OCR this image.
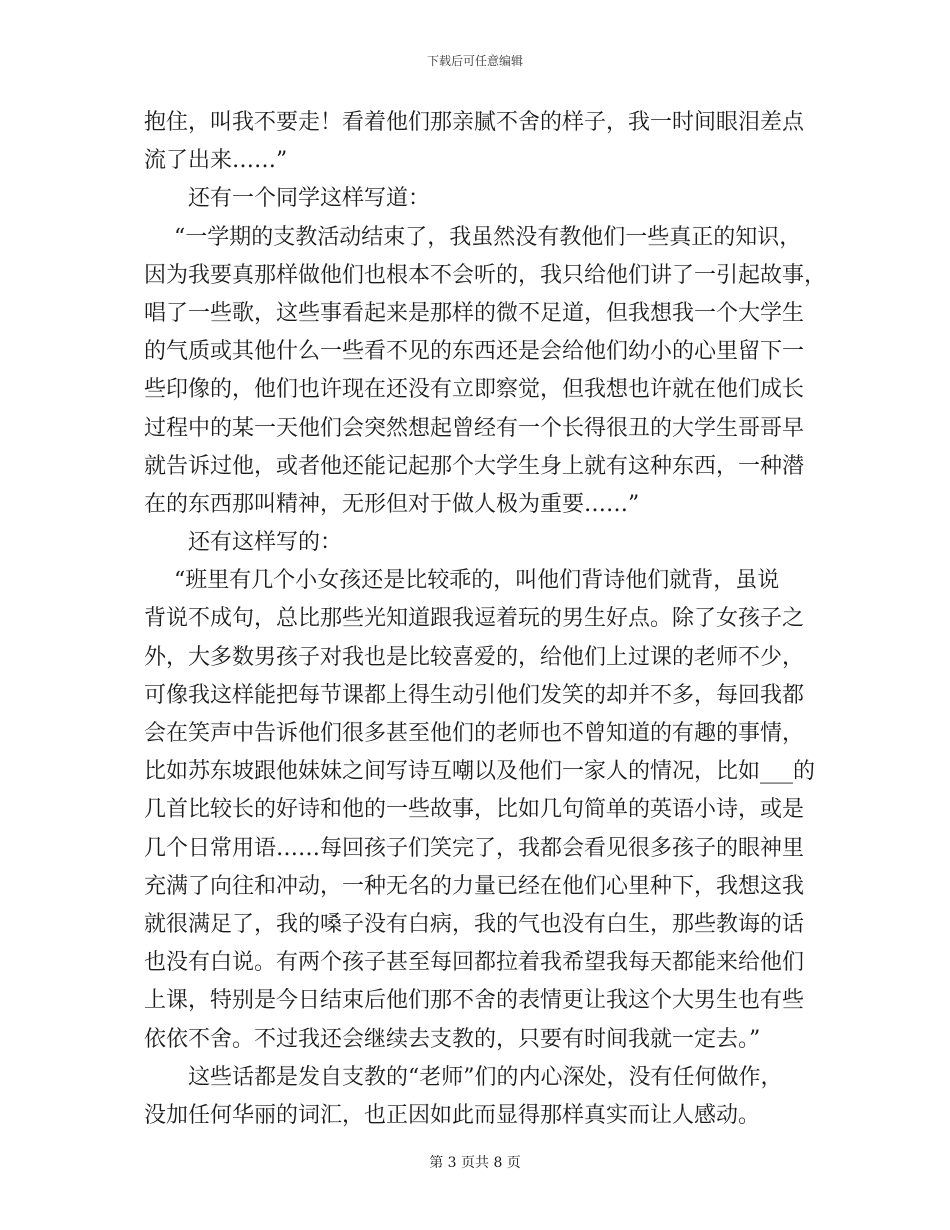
下载后可任意编辑
抱住，叫我不要走！看着他们那亲腻不舍的样子，我一时间眼泪差点
流了出来……”
还有一个同学这样写道：
“一学期的支教活动结束了，我虽然没有教他们一些真正的知识，
因为我要真那样做他们也根本不会听的，我只给他们讲了一引起故事，
唱了一些歌，这些事看起来是那样的微不足道，但我想我一个大学生
的气质或其他什么一些看不见的东西还是会给他们幼小的心里留下一
些印像的，他们也许现在还没有立即察觉，但我想也许就在他们成长
过程中的某一天他们会突然想起曾经有一个长得很丑的大学生哥哥早
就告诉过他，或者他还能记起那个大学生身上就有这种东西，一种潜
在的东西那叫精神，无形但对于做人极为重要……”
还有这样写的：
“班里有几个小女孩还是比较乖的，叫他们背诗他们就背，虽说
背说不成句，总比那些光知道跟我逗着玩的男生好点。除了女孩子之
外，大多数男孩子对我也是比较喜爱的，给他们上过课的老师不少，
可像我这样能把每节课都上得生动引他们发笑的却并不多，每回我都
会在笑声中告诉他们很多甚至他们的老师也不曾知道的有趣的事情，
比如苏东坡跟他妹妹之间写诗互嘲以及他们一家人的情况，比如___的
几首比较长的好诗和他的一些故事，比如几句简单的英语小诗，或是
几个日常用语……每回孩子们笑完了，我都会看见很多孩子的眼神里
充满了向往和冲动，一种无名的力量已经在他们心里种下，我想这我
就很满足了，我的嗓子没有白病，我的气也没有白生，那些教诲的话
也没有白说。有两个孩子甚至每回都拉着我希望我每天都能来给他们
上课，特别是今日结束后他们那不舍的表情更让我这个大男生也有些
依依不舍。不过我还会继续去支教的，只要有时间我就一定去。”
这些话都是发自支教的“老师”们的内心深处，没有任何做作，
没加任何华丽的词汇，也正因如此而显得那样真实而让人感动。
第 3 页共 8 页
